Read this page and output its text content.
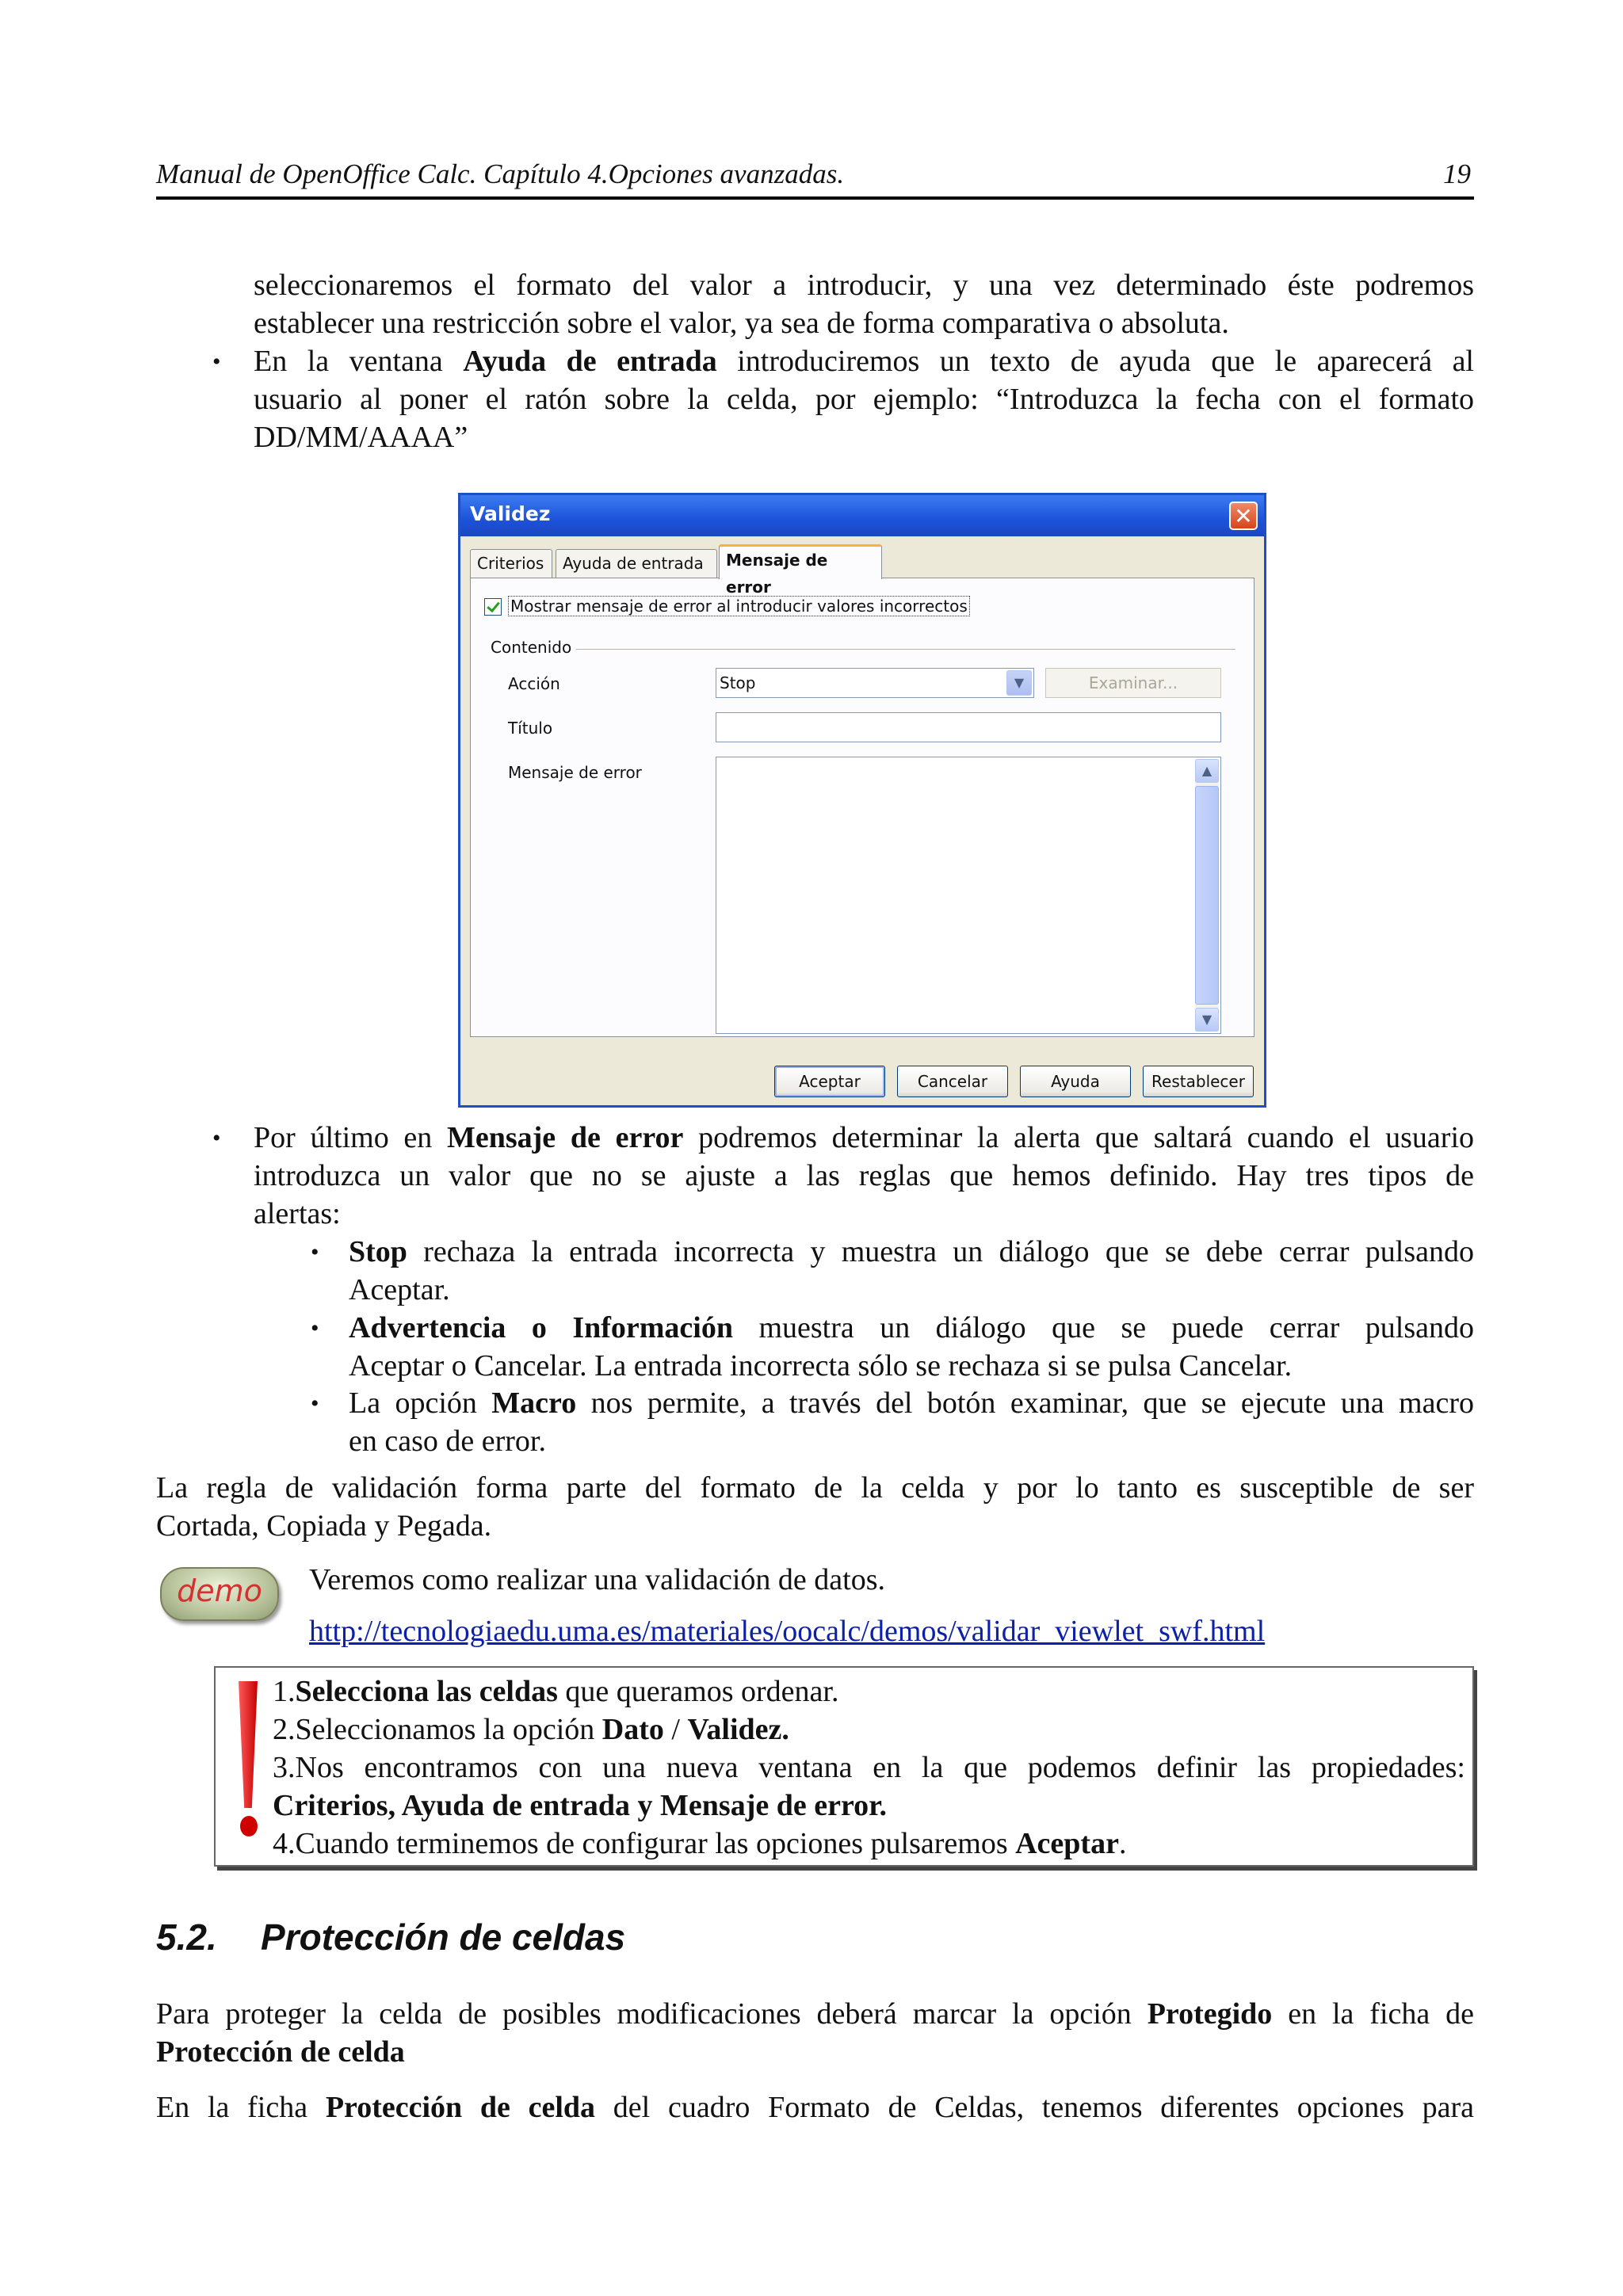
Manual de OpenOffice Calc. Capítulo 4.Opciones avanzadas.	19
seleccionaremos el formato del valor a introducir, y una vez determinado éste podremos
establecer una restricción sobre el valor, ya sea de forma comparativa o absoluta.
• En la ventana Ayuda de entrada introduciremos un texto de ayuda que le aparecerá al
usuario al poner el ratón sobre la celda, por ejemplo: “Introduzca la fecha con el formato
DD/MM/AAAA”
Validez	✕
Criterios	Ayuda de entrada	Mensaje de error
Mostrar mensaje de error al introducir valores incorrectos
Contenido
Acción	Stop	▼	Examinar...
Título
Mensaje de error	▲
▼
Aceptar	Cancelar	Ayuda	Restablecer
• Por último en Mensaje de error podremos determinar la alerta que saltará cuando el usuario
introduzca un valor que no se ajuste a las reglas que hemos definido. Hay tres tipos de
alertas:
• Stop rechaza la entrada incorrecta y muestra un diálogo que se debe cerrar pulsando
Aceptar.
• Advertencia o Información muestra un diálogo que se puede cerrar pulsando
Aceptar o Cancelar. La entrada incorrecta sólo se rechaza si se pulsa Cancelar.
• La opción Macro nos permite, a través del botón examinar, que se ejecute una macro
en caso de error.
La regla de validación forma parte del formato de la celda y por lo tanto es susceptible de ser
Cortada, Copiada y Pegada.
demo	Veremos como realizar una validación de datos.
http://tecnologiaedu.uma.es/materiales/oocalc/demos/validar_viewlet_swf.html
1.Selecciona las celdas que queramos ordenar.
2.Seleccionamos la opción Dato / Validez.
3.Nos encontramos con una nueva ventana en la que podemos definir las propiedades:
Criterios, Ayuda de entrada y Mensaje de error.
4.Cuando terminemos de configurar las opciones pulsaremos Aceptar.
5.2. Protección de celdas
Para proteger la celda de posibles modificaciones deberá marcar la opción Protegido en la ficha de
Protección de celda
En la ficha Protección de celda del cuadro Formato de Celdas, tenemos diferentes opciones para
